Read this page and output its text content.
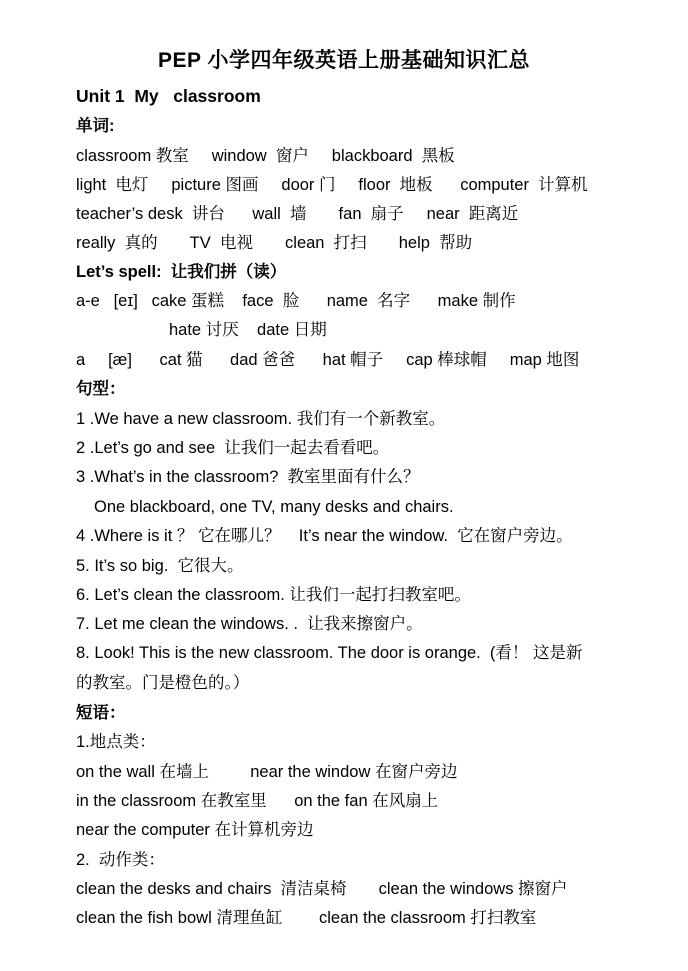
PEP 小学四年级英语上册基础知识汇总
Unit 1  My   classroom
单词:
classroom 教室     window  窗户     blackboard  黑板
light  电灯     picture 图画     door 门     floor  地板      computer  计算机
teacher’s desk  讲台      wall  墙       fan  扇子     near  距离近
really  真的       TV  电视       clean  打扫       help  帮助
Let’s spell:  让我们拼（读）
a-e   [eɪ]   cake 蛋糕    face  脸      name  名字      make 制作
hate 讨厌    date 日期
a     [æ]      cat 猫      dad 爸爸      hat 帽子     cap 棒球帽     map 地图
句型：
1 .We have a new classroom. 我们有一个新教室。
2 .Let’s go and see  让我们一起去看看吧。
3 .What’s in the classroom?  教室里面有什么？
One blackboard, one TV, many desks and chairs.
4 .Where is it ？ 它在哪儿？    It’s near the window.  它在窗户旁边。
5. It’s so big.  它很大。
6. Let’s clean the classroom. 让我们一起打扫教室吧。
7. Let me clean the windows. .  让我来擦窗户。
8. Look! This is the new classroom. The door is orange.  (看！ 这是新
的教室。门是橙色的。）
短语：
1.地点类：
on the wall 在墙上         near the window 在窗户旁边
in the classroom 在教室里      on the fan 在风扇上
near the computer 在计算机旁边
2.  动作类：
clean the desks and chairs  清洁桌椅       clean the windows 擦窗户
clean the fish bowl 清理鱼缸        clean the classroom 打扫教室
